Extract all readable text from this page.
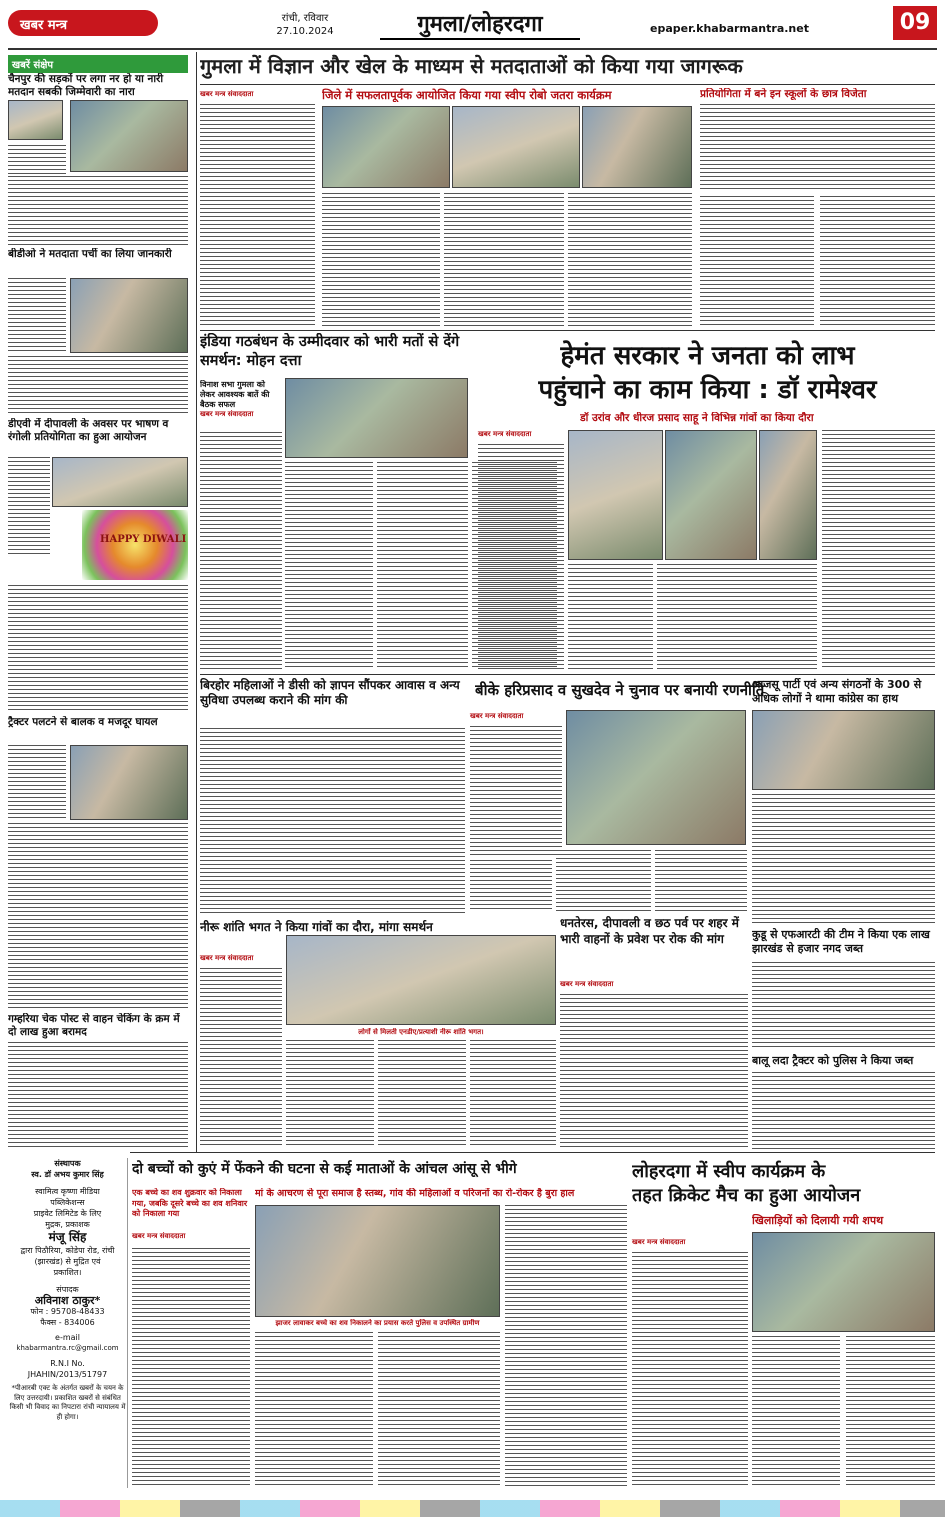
खबर मन्त्र	रांची, रविवार
27.10.2024	गुमला/लोहरदगा	epaper.khabarmantra.net	09
खबरें संक्षेप
चैनपुर की सड़कों पर लगा नर हो या नारी मतदान सबकी जिम्मेवारी का नारा
बीडीओ ने मतदाता पर्ची का लिया जानकारी
डीएवी में दीपावली के अवसर पर भाषण व रंगोली प्रतियोगिता का हुआ आयोजन
HAPPY DIWALI
ट्रैक्टर पलटने से बालक व मजदूर घायल
गम्हरिया चेक पोस्ट से वाहन चेकिंग के क्रम में दो लाख हुआ बरामद
संस्थापक
स्व. डॉ अभय कुमार सिंह
स्वामित्व कृष्णा मीडिया
पब्लिकेशन्स
प्राइवेट लिमिटेड के लिए
मुद्रक, प्रकाशक
मंजू सिंह
द्वारा पिठौरिया, कोडेपा रोड, रांची
(झारखंड) से मुद्रित एवं
प्रकाशित।
संपादक
अविनाश ठाकुर*
फोन : 95708-48433
फैक्स - 834006
e-mail
khabarmantra.rc@gmail.com
R.N.I No.
JHAHIN/2013/51797
*पीआरबी एक्ट के अंतर्गत खबरों के चयन के लिए उत्तरदायी। प्रकाशित खबरों से संबंधित किसी भी विवाद का निपटारा रांची न्यायालय में ही होगा।
गुमला में विज्ञान और खेल के माध्यम से मतदाताओं को किया गया जागरूक
खबर मन्त्र संवाददाता	जिले में सफलतापूर्वक आयोजित किया गया स्वीप रोबो जतरा कार्यक्रम	प्रतियोगिता में बने इन स्कूलों के छात्र विजेता
इंडिया गठबंधन के उम्मीदवार को भारी मतों से देंगे समर्थन: मोहन दत्ता
विनाश सभा गुमला को लेकर आवश्यक बातें की बैठक सफल
खबर मन्त्र संवाददाता
हेमंत सरकार ने जनता को लाभ
पहुंचाने का काम किया : डॉ रामेश्वर
डॉ उरांव और धीरज प्रसाद साहू ने विभिन्न गांवों का किया दौरा
खबर मन्त्र संवाददाता
बिरहोर महिलाओं ने डीसी को ज्ञापन सौंपकर आवास व अन्य सुविधा उपलब्ध कराने की मांग की
नीरू शांति भगत ने किया गांवों का दौरा, मांगा समर्थन
खबर मन्त्र संवाददाता
बीके हरिप्रसाद व सुखदेव ने चुनाव पर बनायी रणनीति
खबर मन्त्र संवाददाता
आजसू पार्टी एवं अन्य संगठनों के 300 से अधिक लोगों ने थामा कांग्रेस का हाथ
कुडू से एफआरटी की टीम ने किया एक लाख झारखंड से हजार नगद जब्त
बालू लदा ट्रैक्टर को पुलिस ने किया जब्त
धनतेरस, दीपावली व छठ पर्व पर शहर में भारी वाहनों के प्रवेश पर रोक की मांग
लोगों से मिलती एनडीए/प्रत्याशी नीरू शांति भगत।
खबर मन्त्र संवाददाता
दो बच्चों को कुएं में फेंकने की घटना से कई माताओं के आंचल आंसू से भीगे
एक बच्चे का शव शुक्रवार को निकाला गया, जबकि दूसरे बच्चे का शव शनिवार को निकाला गया
मां के आचरण से पूरा समाज है स्तब्ध, गांव की महिलाओं व परिजनों का रो-रोकर है बुरा हाल
खबर मन्त्र संवाददाता
झाजर लावाकर बच्चे का शव निकालने का प्रयास करते पुलिस व उपस्थित ग्रामीण
लोहरदगा में स्वीप कार्यक्रम के
तहत क्रिकेट मैच का हुआ आयोजन
खिलाड़ियों को दिलायी गयी शपथ
खबर मन्त्र संवाददाता
